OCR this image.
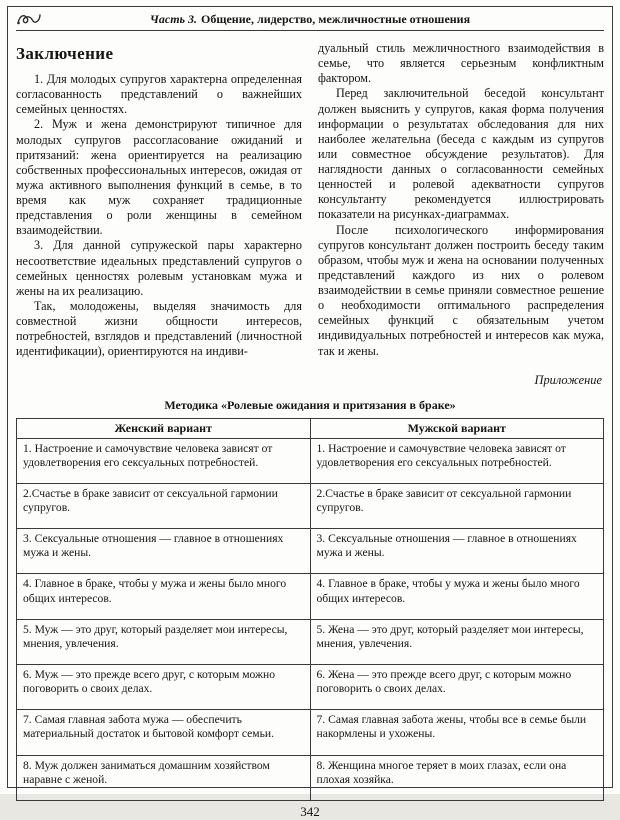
Часть 3. Общение, лидерство, межличностные отношения
Заключение

1. Для молодых супругов характерна определенная согласованность представлений о важнейших семейных ценностях.

2. Муж и жена демонстрируют типичное для молодых супругов рассогласование ожиданий и притязаний: жена ориентируется на реализацию собственных профессиональных интересов, ожидая от мужа активного выполнения функций в семье, в то время как муж сохраняет традиционные представления о роли женщины в семейном взаимодействии.

3. Для данной супружеской пары характерно несоответствие идеальных представлений супругов о семейных ценностях ролевым установкам мужа и жены на их реализацию.

Так, молодожены, выделяя значимость для совместной жизни общности интересов, потребностей, взглядов и представлений (личностной идентификации), ориентируются на индиви-

дуальный стиль межличностного взаимодействия в семье, что является серьезным конфликтным фактором.

Перед заключительной беседой консультант должен выяснить у супругов, какая форма получения информации о результатах обследования для них наиболее желательна (беседа с каждым из супругов или совместное обсуждение результатов). Для наглядности данных о согласованности семейных ценностей и ролевой адекватности супругов консультанту рекомендуется иллюстрировать показатели на рисунках-диаграммах.

После психологического информирования супругов консультант должен построить беседу таким образом, чтобы муж и жена на основании полученных представлений каждого из них о ролевом взаимодействии в семье приняли совместное решение о необходимости оптимального распределения семейных функций с обязательным учетом индивидуальных потребностей и интересов как мужа, так и жены.

Приложение
Методика «Ролевые ожидания и притязания в браке»
Женский вариант	Мужской вариант
1. Настроение и самочувствие человека зависят от удовлетворения его сексуальных потребностей.	1. Настроение и самочувствие человека зависят от удовлетворения его сексуальных потребностей.
2.Счастье в браке зависит от сексуальной гармонии супругов.	2.Счастье в браке зависит от сексуальной гармонии супругов.
3. Сексуальные отношения — главное в отношениях мужа и жены.	3. Сексуальные отношения — главное в отношениях мужа и жены.
4. Главное в браке, чтобы у мужа и жены было много общих интересов.	4. Главное в браке, чтобы у мужа и жены было много общих интересов.
5. Муж — это друг, который разделяет мои интересы, мнения, увлечения.	5. Жена — это друг, который разделяет мои интересы, мнения, увлечения.
6. Муж — это прежде всего друг, с которым можно поговорить о своих делах.	6. Жена — это прежде всего друг, с которым можно поговорить о своих делах.
7. Самая главная забота мужа — обеспечить материальный достаток и бытовой комфорт семьи.	7. Самая главная забота жены, чтобы все в семье были накормлены и ухожены.
8. Муж должен заниматься домашним хозяйством наравне с женой.	8. Женщина многое теряет в моих глазах, если она плохая хозяйка.
342
